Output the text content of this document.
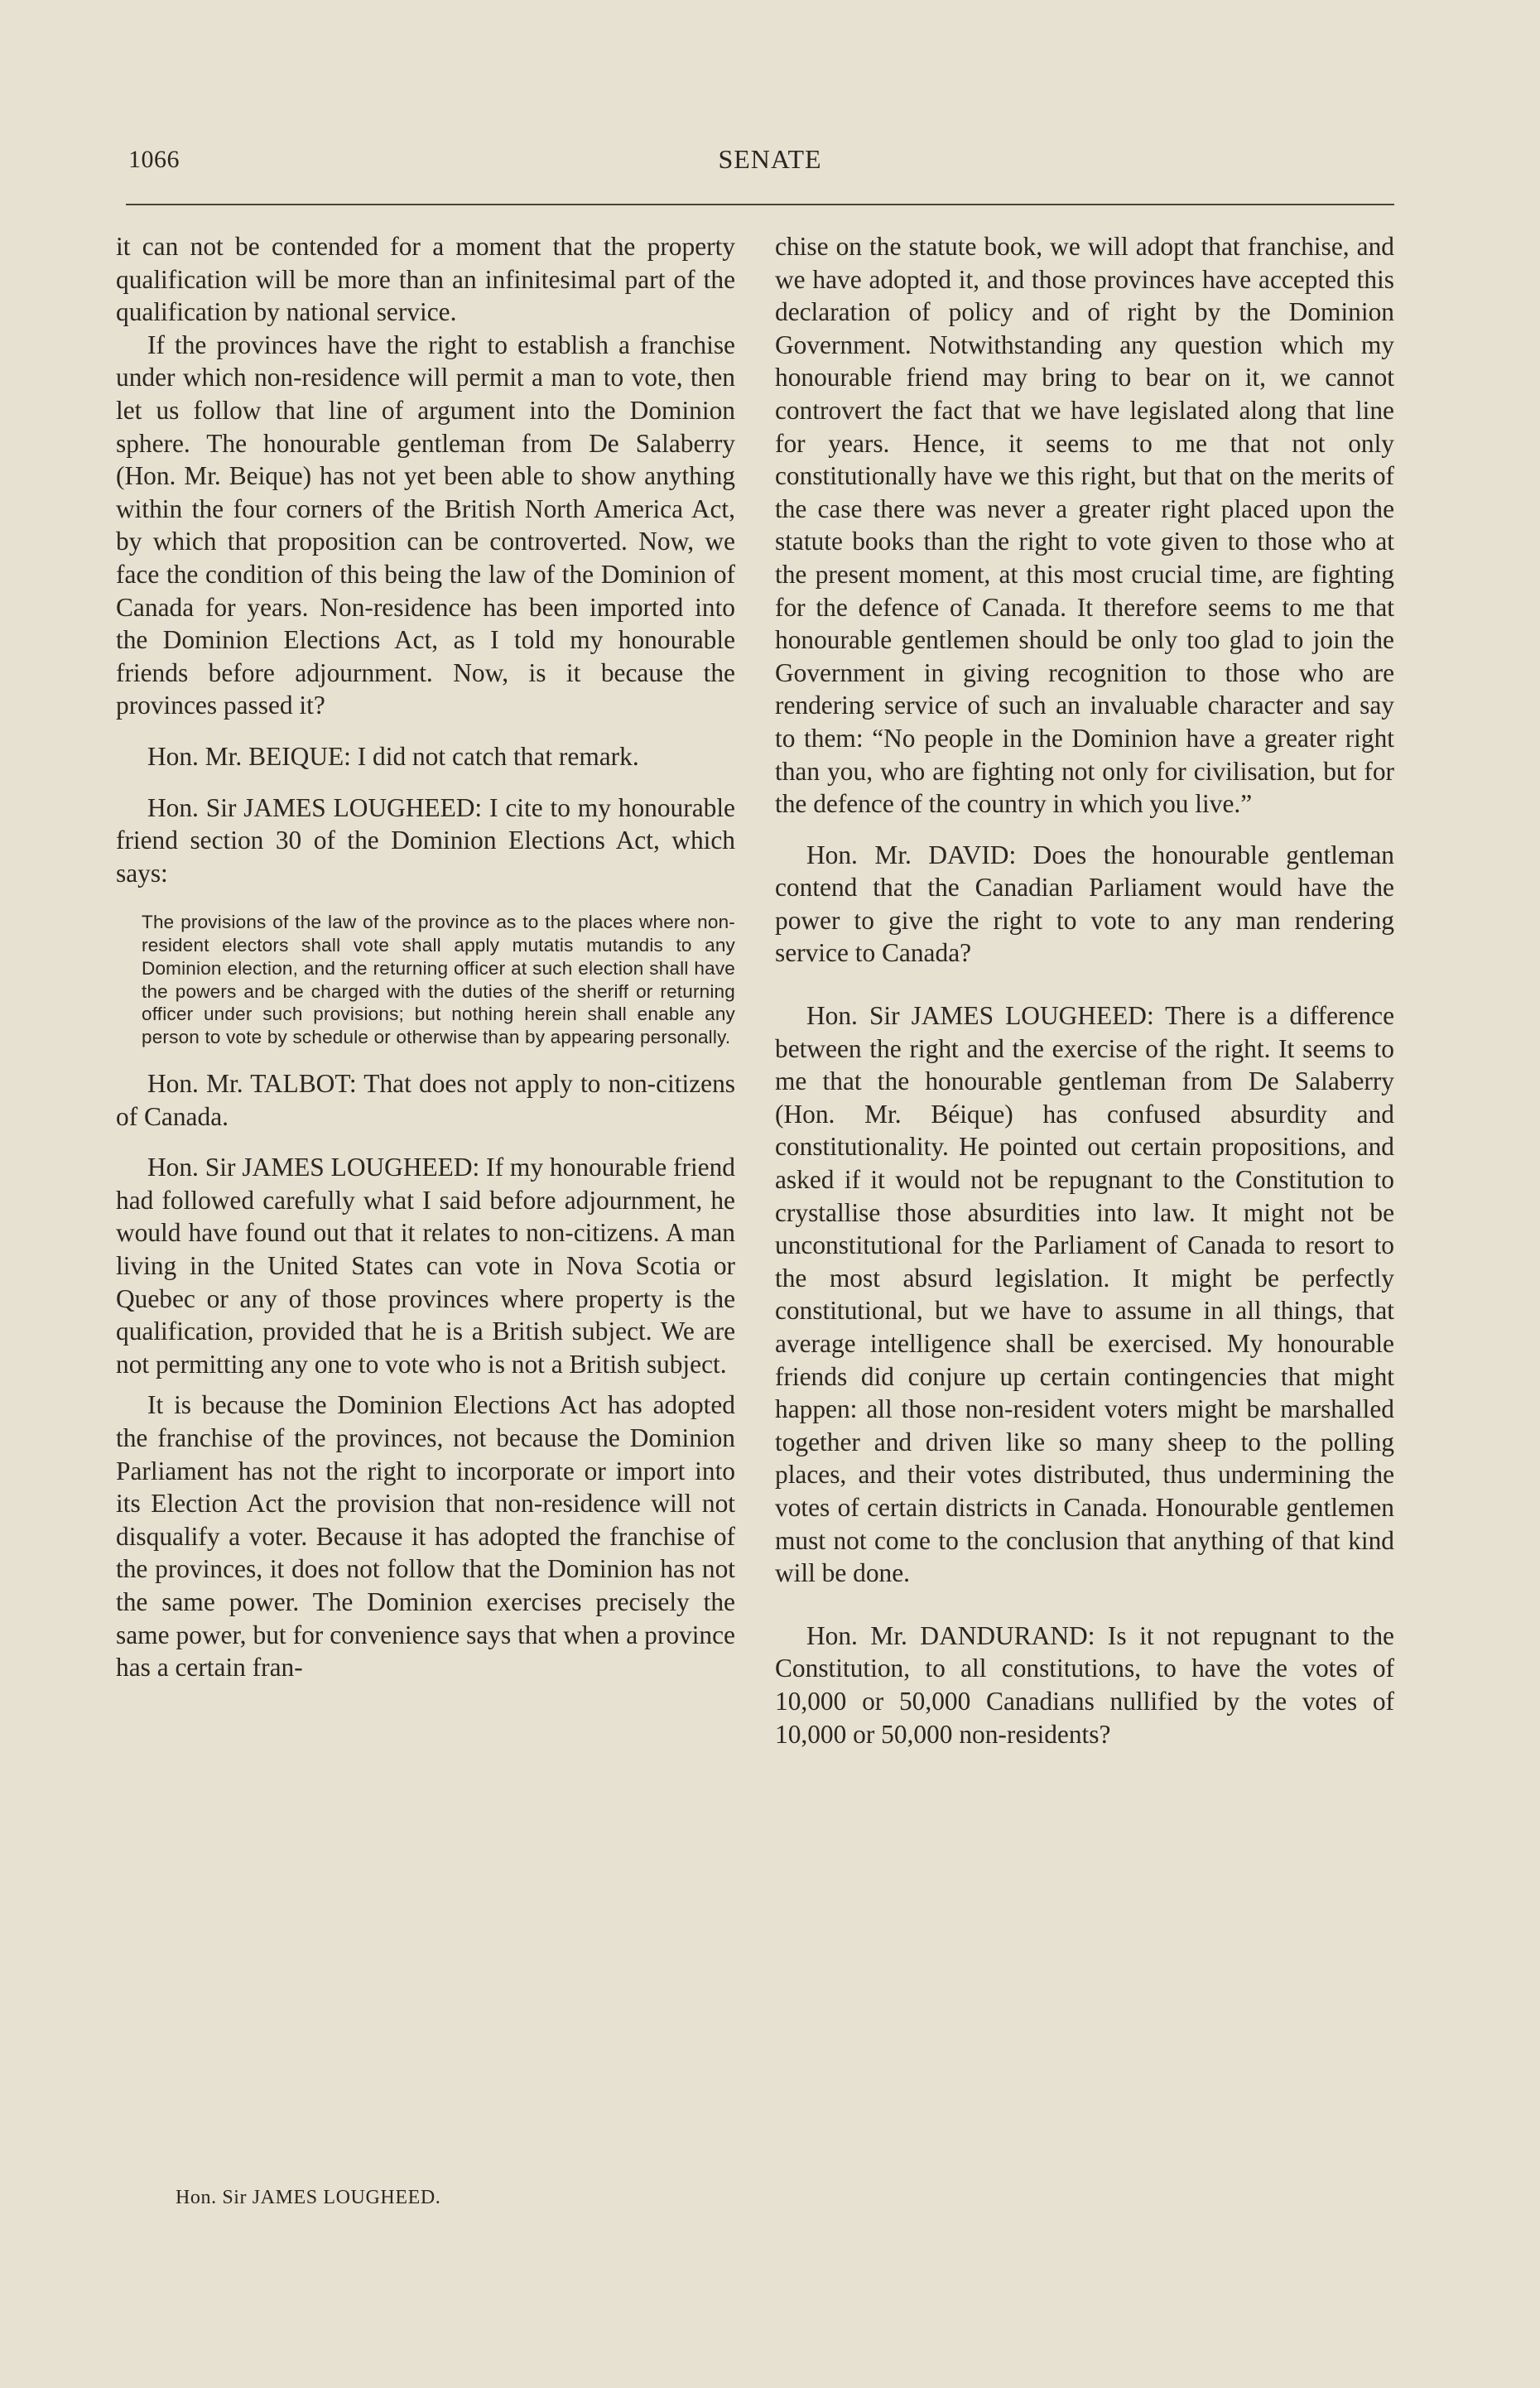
1066	SENATE

it can not be contended for a moment that the property qualification will be more than an infinitesimal part of the qualification by national service.

If the provinces have the right to establish a franchise under which non-residence will permit a man to vote, then let us follow that line of argument into the Dominion sphere. The honourable gentleman from De Salaberry (Hon. Mr. Beique) has not yet been able to show anything within the four corners of the British North America Act, by which that proposition can be controverted. Now, we face the condition of this being the law of the Dominion of Canada for years. Non-residence has been imported into the Dominion Elections Act, as I told my honourable friends before adjournment. Now, is it because the provinces passed it?

Hon. Mr. BEIQUE: I did not catch that remark.

Hon. Sir JAMES LOUGHEED: I cite to my honourable friend section 30 of the Dominion Elections Act, which says:

The provisions of the law of the province as to the places where non-resident electors shall vote shall apply mutatis mutandis to any Dominion election, and the returning officer at such election shall have the powers and be charged with the duties of the sheriff or returning officer under such provisions; but nothing herein shall enable any person to vote by schedule or otherwise than by appearing personally.

Hon. Mr. TALBOT: That does not apply to non-citizens of Canada.

Hon. Sir JAMES LOUGHEED: If my honourable friend had followed carefully what I said before adjournment, he would have found out that it relates to non-citizens. A man living in the United States can vote in Nova Scotia or Quebec or any of those provinces where property is the qualification, provided that he is a British subject. We are not permitting any one to vote who is not a British subject.

It is because the Dominion Elections Act has adopted the franchise of the provinces, not because the Dominion Parliament has not the right to incorporate or import into its Election Act the provision that non-residence will not disqualify a voter. Because it has adopted the franchise of the provinces, it does not follow that the Dominion has not the same power. The Dominion exercises precisely the same power, but for convenience says that when a province has a certain fran-

chise on the statute book, we will adopt that franchise, and we have adopted it, and those provinces have accepted this declaration of policy and of right by the Dominion Government. Notwithstanding any question which my honourable friend may bring to bear on it, we cannot controvert the fact that we have legislated along that line for years. Hence, it seems to me that not only constitutionally have we this right, but that on the merits of the case there was never a greater right placed upon the statute books than the right to vote given to those who at the present moment, at this most crucial time, are fighting for the defence of Canada. It therefore seems to me that honourable gentlemen should be only too glad to join the Government in giving recognition to those who are rendering service of such an invaluable character and say to them: “No people in the Dominion have a greater right than you, who are fighting not only for civilisation, but for the defence of the country in which you live.”

Hon. Mr. DAVID: Does the honourable gentleman contend that the Canadian Parliament would have the power to give the right to vote to any man rendering service to Canada?

Hon. Sir JAMES LOUGHEED: There is a difference between the right and the exercise of the right. It seems to me that the honourable gentleman from De Salaberry (Hon. Mr. Béique) has confused absurdity and constitutionality. He pointed out certain propositions, and asked if it would not be repugnant to the Constitution to crystallise those absurdities into law. It might not be unconstitutional for the Parliament of Canada to resort to the most absurd legislation. It might be perfectly constitutional, but we have to assume in all things, that average intelligence shall be exercised. My honourable friends did conjure up certain contingencies that might happen: all those non-resident voters might be marshalled together and driven like so many sheep to the polling places, and their votes distributed, thus undermining the votes of certain districts in Canada. Honourable gentlemen must not come to the conclusion that anything of that kind will be done.

Hon. Mr. DANDURAND: Is it not repugnant to the Constitution, to all constitutions, to have the votes of 10,000 or 50,000 Canadians nullified by the votes of 10,000 or 50,000 non-residents?

Hon. Sir JAMES LOUGHEED.
